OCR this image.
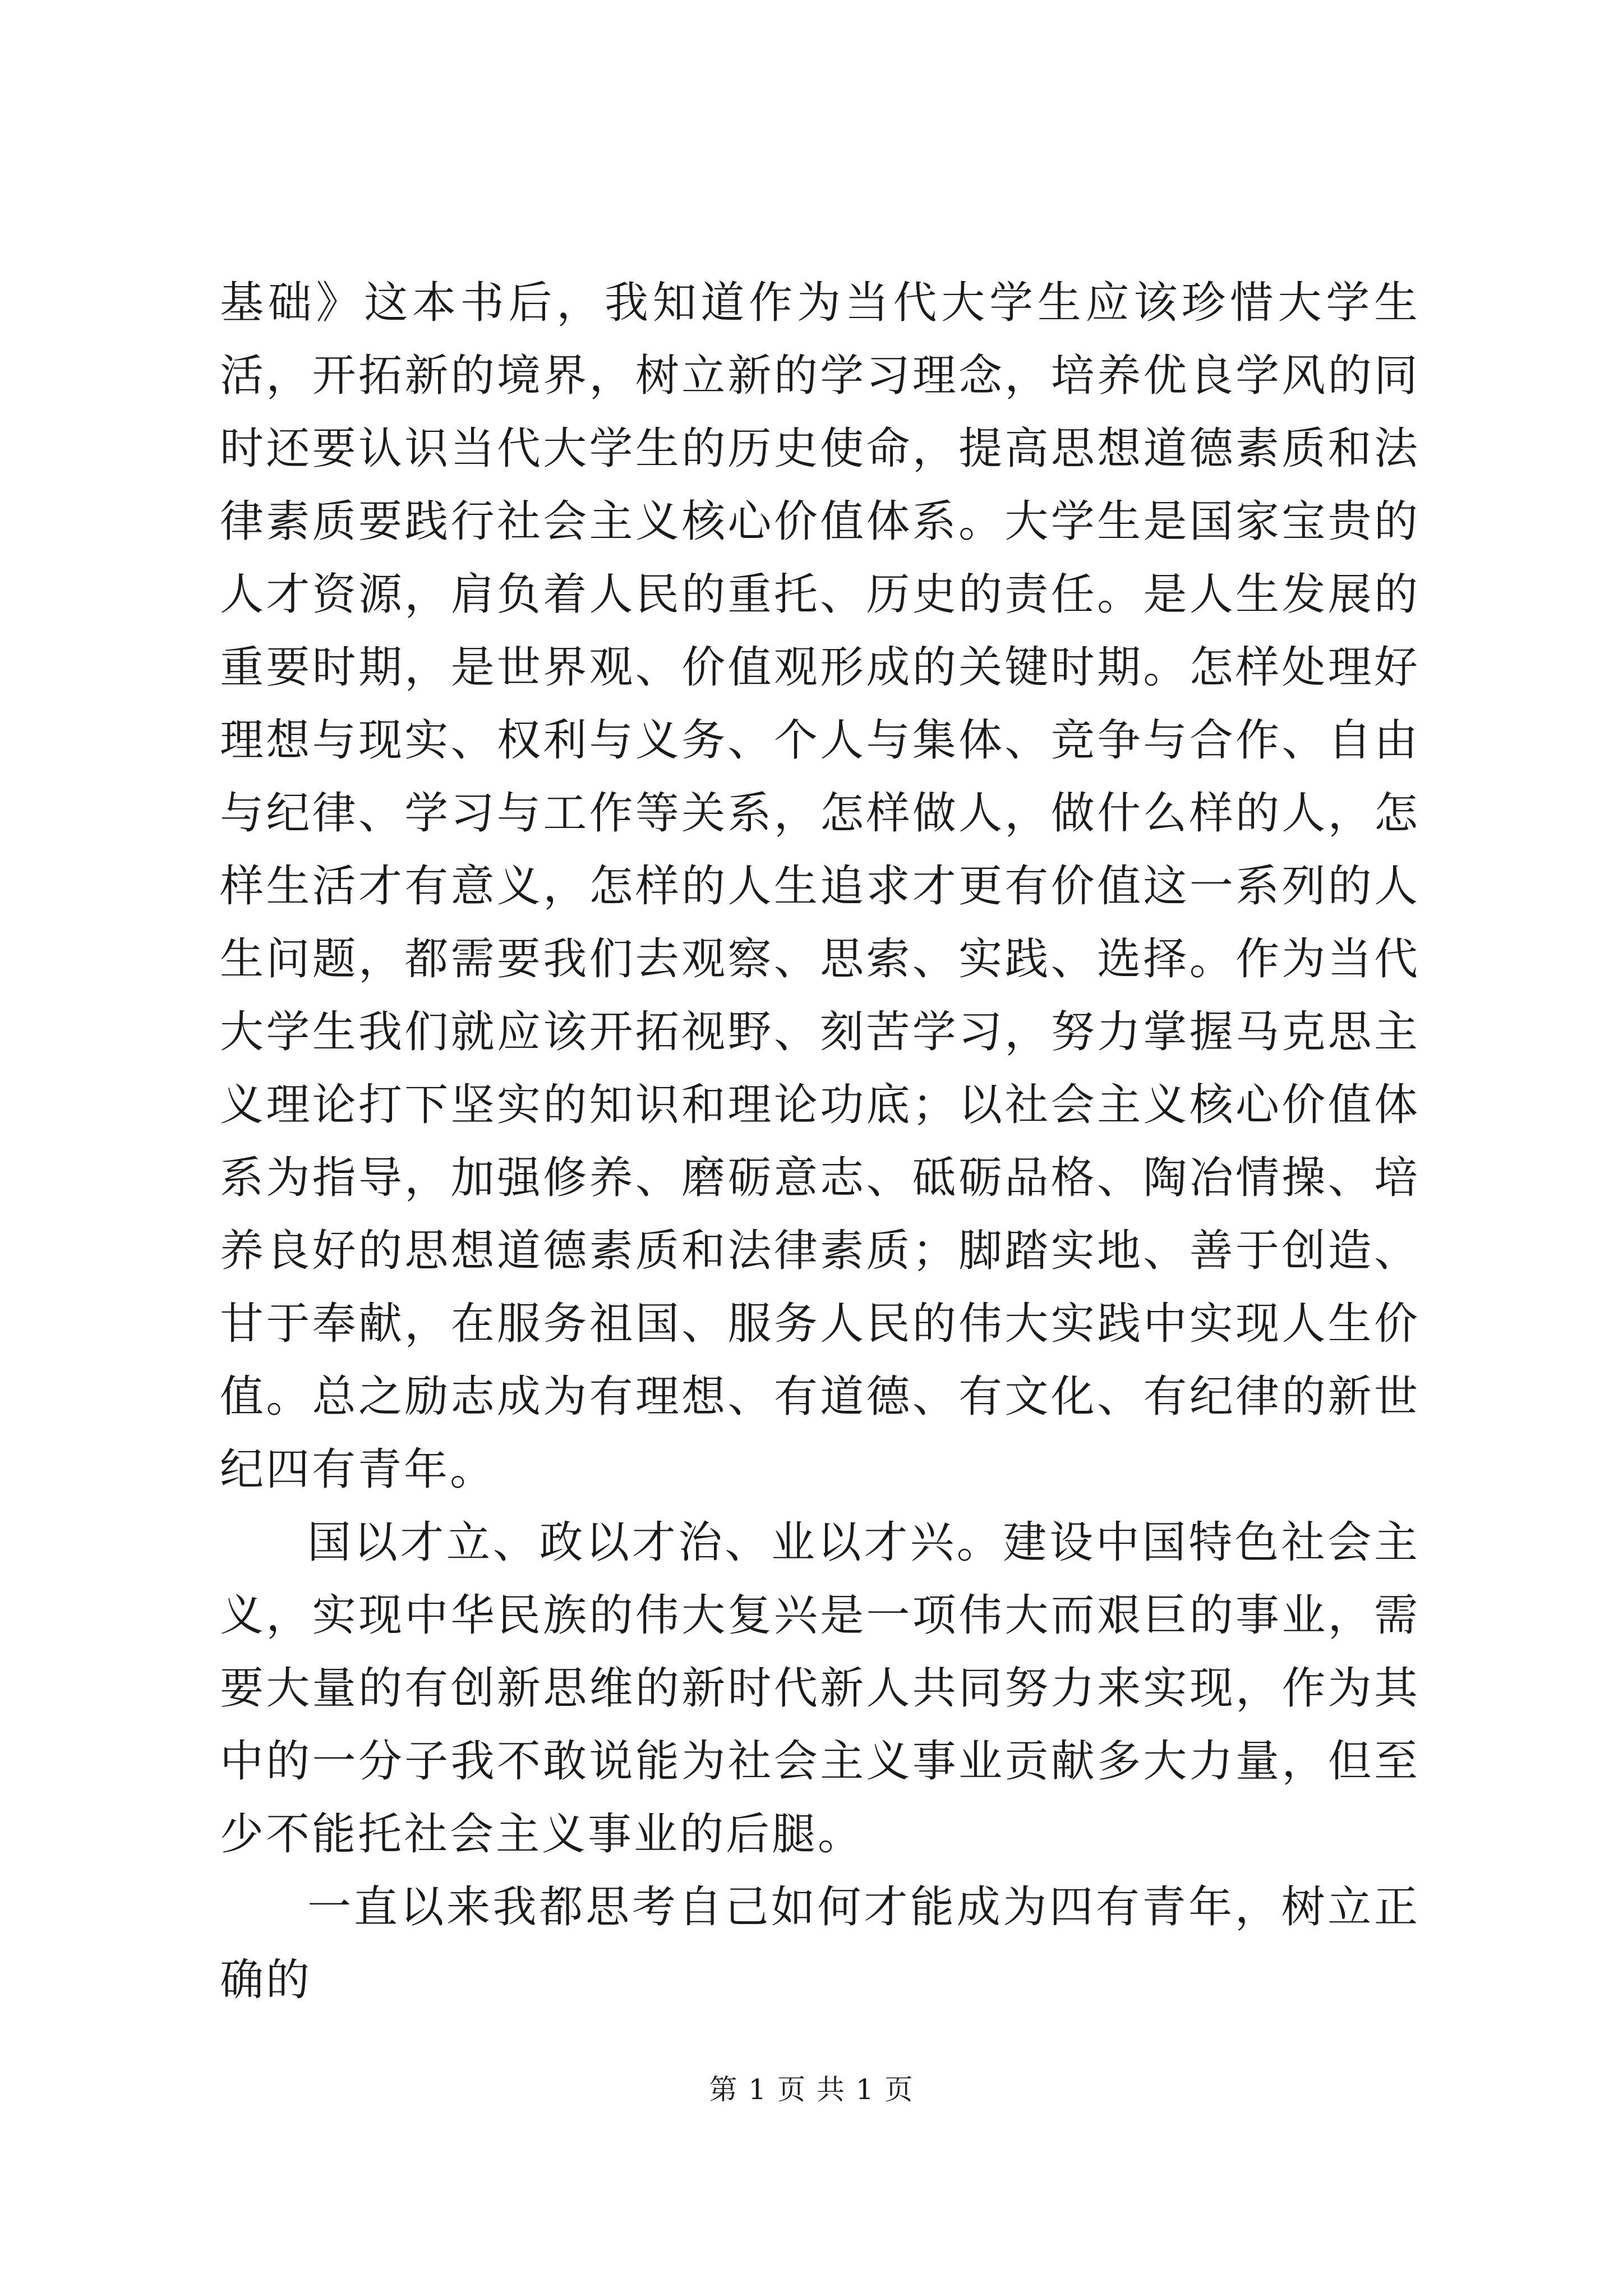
基础》这本书后，我知道作为当代大学生应该珍惜大学生活，开拓新的境界，树立新的学习理念，培养优良学风的同时还要认识当代大学生的历史使命，提高思想道德素质和法律素质要践行社会主义核心价值体系。大学生是国家宝贵的人才资源，肩负着人民的重托、历史的责任。是人生发展的重要时期，是世界观、价值观形成的关键时期。怎样处理好理想与现实、权利与义务、个人与集体、竞争与合作、自由与纪律、学习与工作等关系，怎样做人，做什么样的人，怎样生活才有意义，怎样的人生追求才更有价值这一系列的人生问题，都需要我们去观察、思索、实践、选择。作为当代大学生我们就应该开拓视野、刻苦学习，努力掌握马克思主义理论打下坚实的知识和理论功底；以社会主义核心价值体系为指导，加强修养、磨砺意志、砥砺品格、陶冶情操、培养良好的思想道德素质和法律素质；脚踏实地、善于创造、甘于奉献，在服务祖国、服务人民的伟大实践中实现人生价值。总之励志成为有理想、有道德、有文化、有纪律的新世纪四有青年。

国以才立、政以才治、业以才兴。建设中国特色社会主义，实现中华民族的伟大复兴是一项伟大而艰巨的事业，需要大量的有创新思维的新时代新人共同努力来实现，作为其中的一分子我不敢说能为社会主义事业贡献多大力量，但至少不能托社会主义事业的后腿。

一直以来我都思考自己如何才能成为四有青年，树立正确的

第 1 页 共 1 页
